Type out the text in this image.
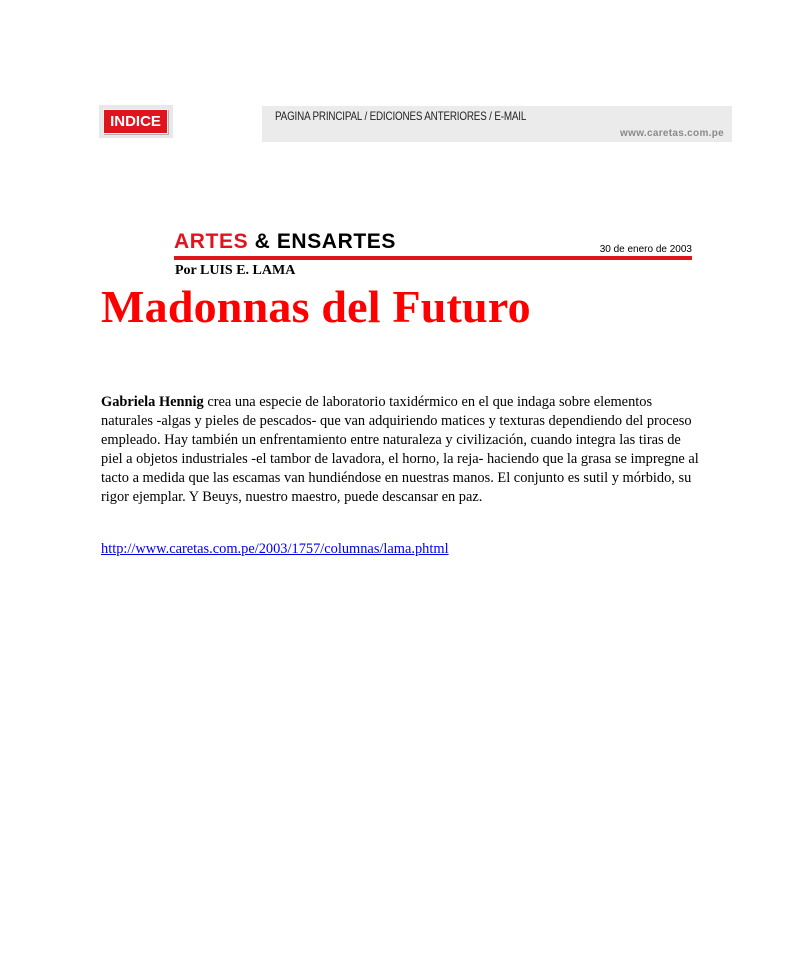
INDICE	PAGINA PRINCIPAL / EDICIONES ANTERIORES / E-MAIL
www.caretas.com.pe
ARTES & ENSARTES	30 de enero de 2003
Por LUIS E. LAMA
Madonnas del Futuro

Gabriela Hennig crea una especie de laboratorio taxidérmico en el que indaga sobre elementos naturales -algas y pieles de pescados- que van adquiriendo matices y texturas dependiendo del proceso empleado. Hay también un enfrentamiento entre naturaleza y civilización, cuando integra las tiras de piel a objetos industriales -el tambor de lavadora, el horno, la reja- haciendo que la grasa se impregne al tacto a medida que las escamas van hundiéndose en nuestras manos. El conjunto es sutil y mórbido, su rigor ejemplar. Y Beuys, nuestro maestro, puede descansar en paz.

http://www.caretas.com.pe/2003/1757/columnas/lama.phtml
